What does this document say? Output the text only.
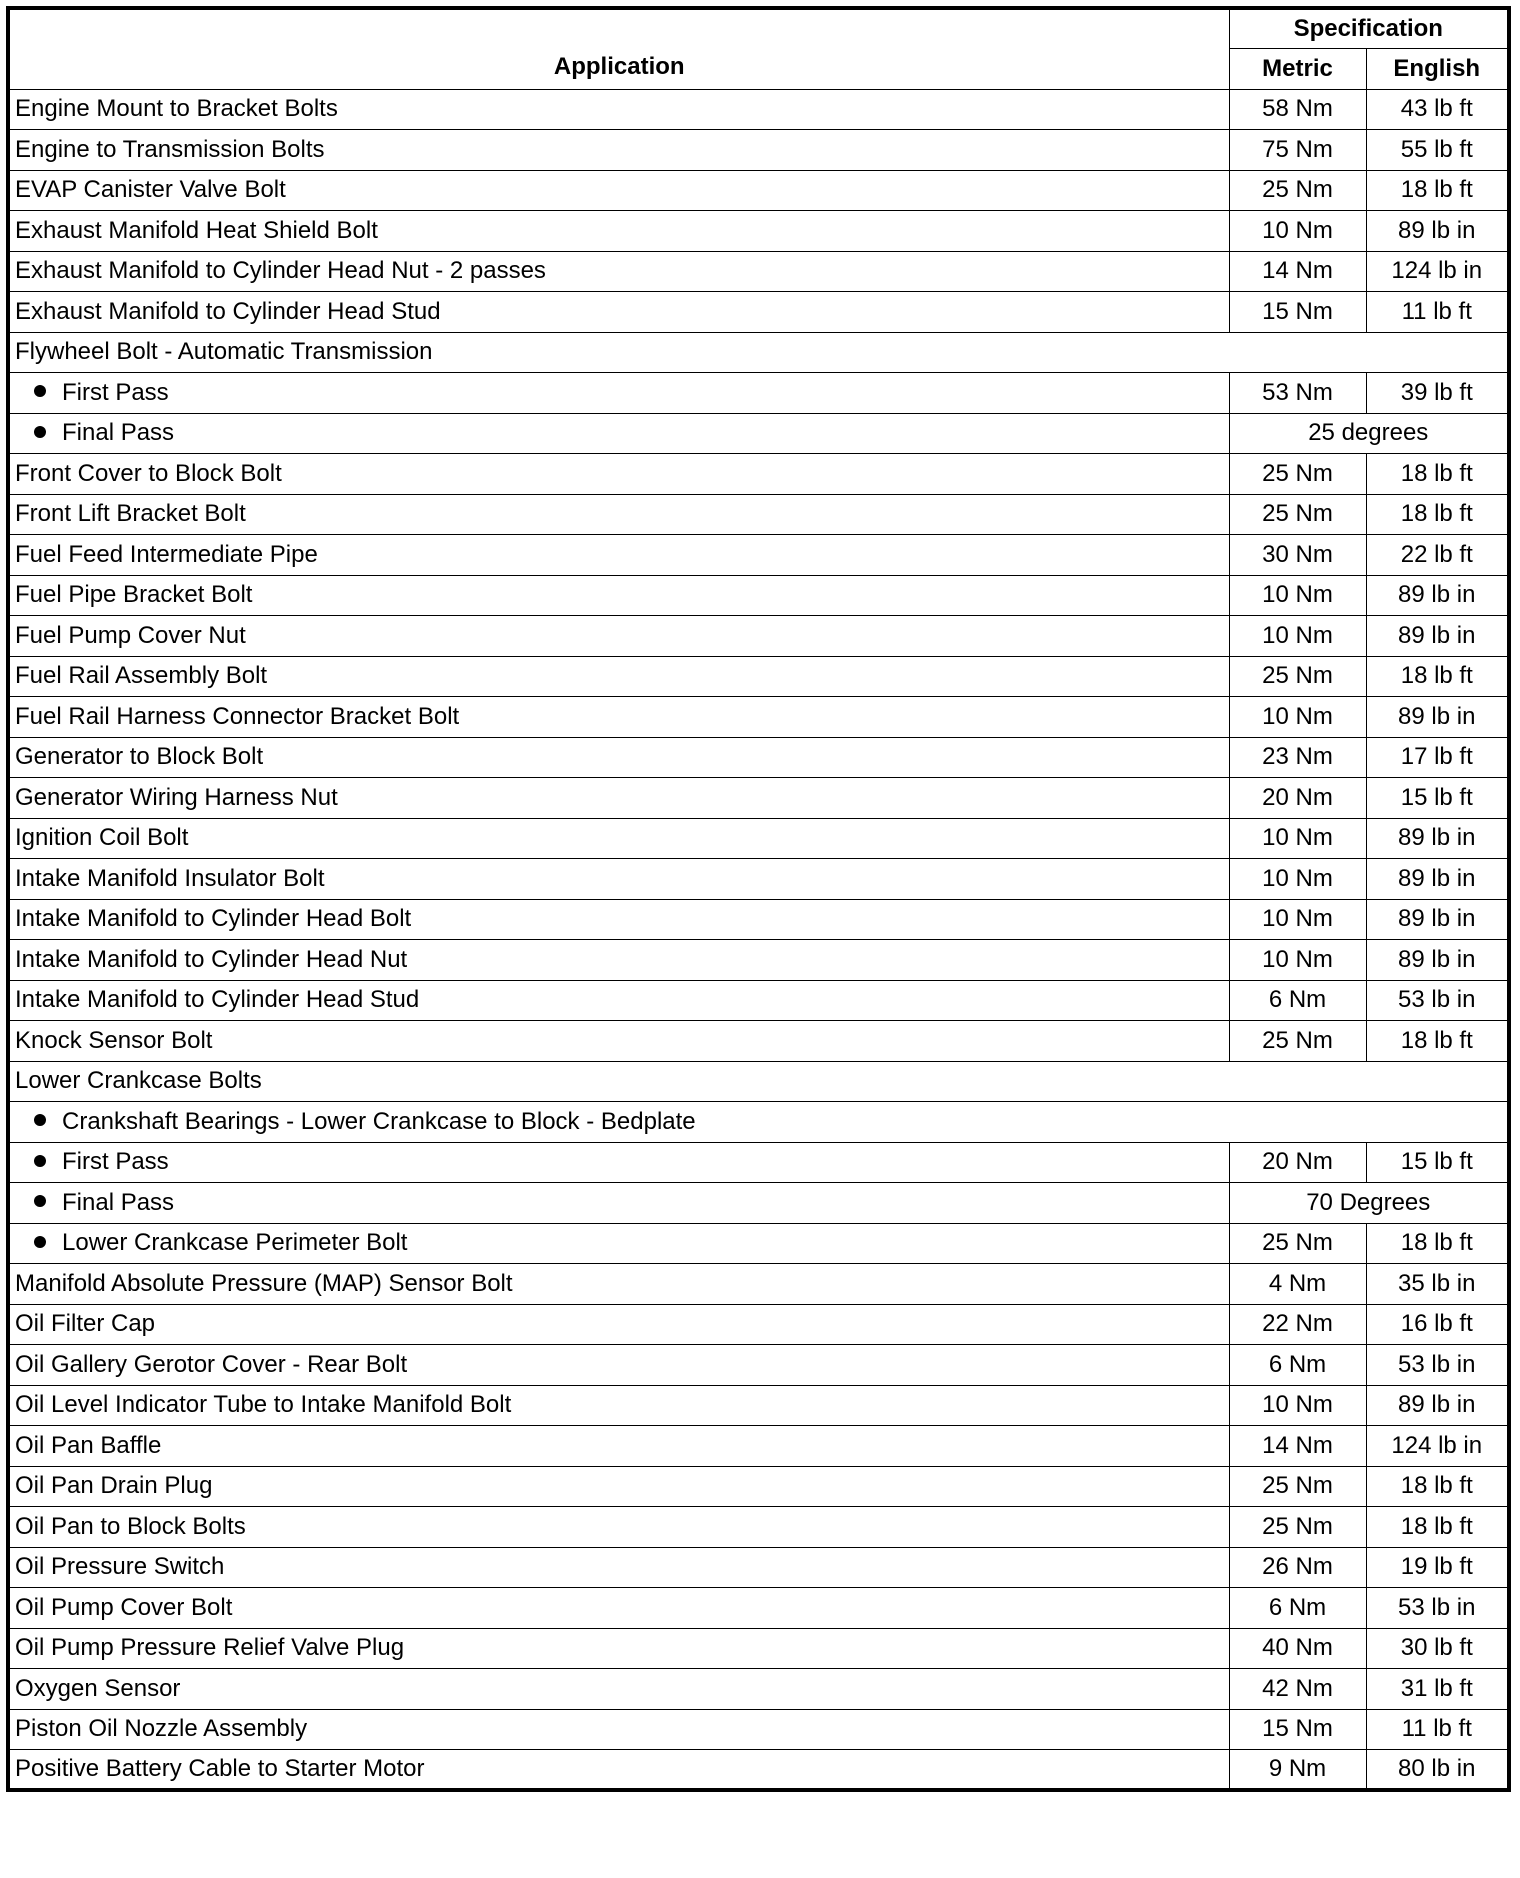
Application	Specification	
	Metric	English
Engine Mount to Bracket Bolts	58 Nm	43 lb ft
Engine to Transmission Bolts	75 Nm	55 lb ft
EVAP Canister Valve Bolt	25 Nm	18 lb ft
Exhaust Manifold Heat Shield Bolt	10 Nm	89 lb in
Exhaust Manifold to Cylinder Head Nut - 2 passes	14 Nm	124 lb in
Exhaust Manifold to Cylinder Head Stud	15 Nm	11 lb ft
Flywheel Bolt - Automatic Transmission		
First Pass	53 Nm	39 lb ft
Final Pass	25 degrees	
Front Cover to Block Bolt	25 Nm	18 lb ft
Front Lift Bracket Bolt	25 Nm	18 lb ft
Fuel Feed Intermediate Pipe	30 Nm	22 lb ft
Fuel Pipe Bracket Bolt	10 Nm	89 lb in
Fuel Pump Cover Nut	10 Nm	89 lb in
Fuel Rail Assembly Bolt	25 Nm	18 lb ft
Fuel Rail Harness Connector Bracket Bolt	10 Nm	89 lb in
Generator to Block Bolt	23 Nm	17 lb ft
Generator Wiring Harness Nut	20 Nm	15 lb ft
Ignition Coil Bolt	10 Nm	89 lb in
Intake Manifold Insulator Bolt	10 Nm	89 lb in
Intake Manifold to Cylinder Head Bolt	10 Nm	89 lb in
Intake Manifold to Cylinder Head Nut	10 Nm	89 lb in
Intake Manifold to Cylinder Head Stud	6 Nm	53 lb in
Knock Sensor Bolt	25 Nm	18 lb ft
Lower Crankcase Bolts		
Crankshaft Bearings - Lower Crankcase to Block - Bedplate		
First Pass	20 Nm	15 lb ft
Final Pass	70 Degrees	
Lower Crankcase Perimeter Bolt	25 Nm	18 lb ft
Manifold Absolute Pressure (MAP) Sensor Bolt	4 Nm	35 lb in
Oil Filter Cap	22 Nm	16 lb ft
Oil Gallery Gerotor Cover - Rear Bolt	6 Nm	53 lb in
Oil Level Indicator Tube to Intake Manifold Bolt	10 Nm	89 lb in
Oil Pan Baffle	14 Nm	124 lb in
Oil Pan Drain Plug	25 Nm	18 lb ft
Oil Pan to Block Bolts	25 Nm	18 lb ft
Oil Pressure Switch	26 Nm	19 lb ft
Oil Pump Cover Bolt	6 Nm	53 lb in
Oil Pump Pressure Relief Valve Plug	40 Nm	30 lb ft
Oxygen Sensor	42 Nm	31 lb ft
Piston Oil Nozzle Assembly	15 Nm	11 lb ft
Positive Battery Cable to Starter Motor	9 Nm	80 lb in
